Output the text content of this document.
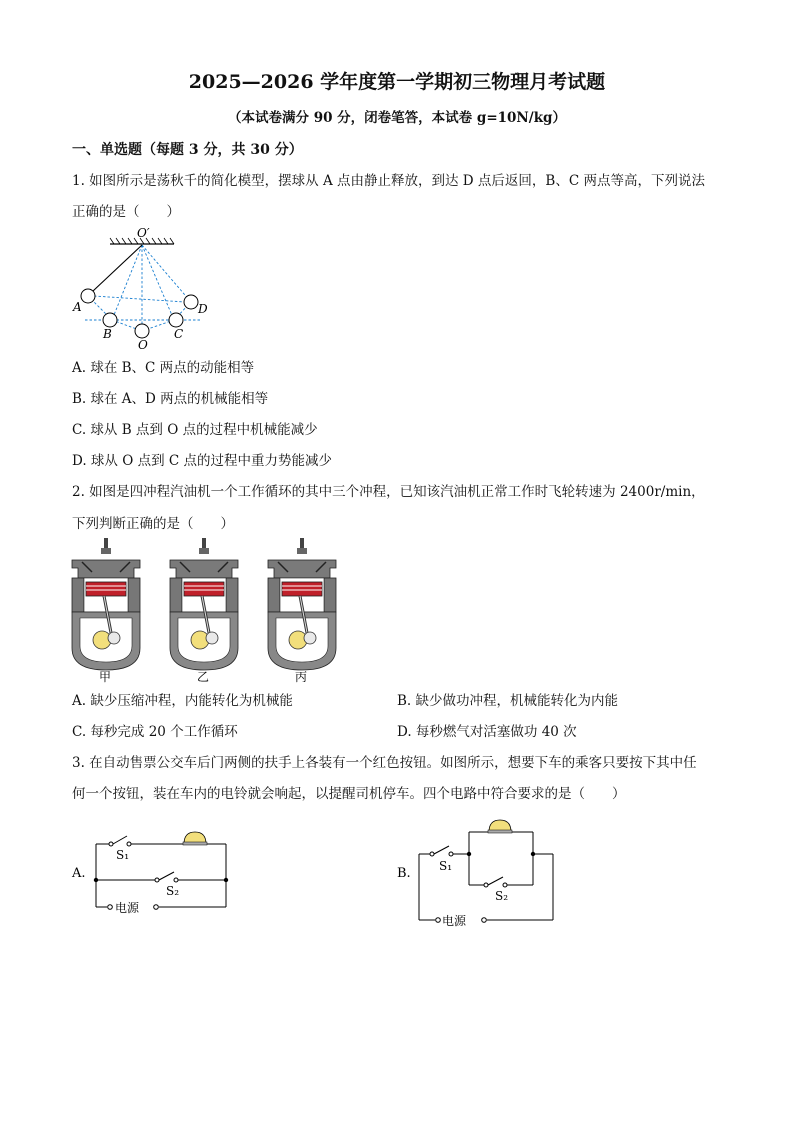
2025—2026 学年度第一学期初三物理月考试题
（本试卷满分 90 分，闭卷笔答，本试卷 g=10N/kg）
一、单选题（每题 3 分，共 30 分）
1. 如图所示是荡秋千的简化模型，摆球从 A 点由静止释放，到达 D 点后返回，B、C 两点等高，下列说法
正确的是（　　）
O′
A
B
O
C
D
A. 球在 B、C 两点的动能相等
B. 球在 A、D 两点的机械能相等
C. 球从 B 点到 O 点的过程中机械能减少
D. 球从 O 点到 C 点的过程中重力势能减少
2. 如图是四冲程汽油机一个工作循环的其中三个冲程，已知该汽油机正常工作时飞轮转速为 2400r/min，
下列判断正确的是（　　）
甲	乙	丙
A. 缺少压缩冲程，内能转化为机械能	B. 缺少做功冲程，机械能转化为内能
C. 每秒完成 20 个工作循环	D. 每秒燃气对活塞做功 40 次
3. 在自动售票公交车后门两侧的扶手上各装有一个红色按钮。如图所示，想要下车的乘客只要按下其中任
何一个按钮，装在车内的电铃就会响起，以提醒司机停车。四个电路中符合要求的是（　　）
A.
S₁
S₂
电源
B. S₁
S₂
电源
